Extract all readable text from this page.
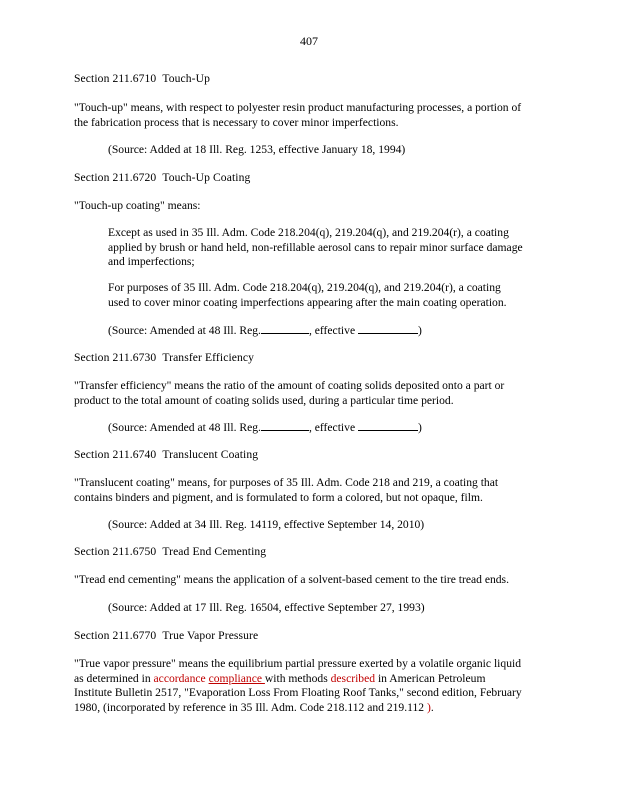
407
Section 211.6710 Touch-Up
"Touch-up" means, with respect to polyester resin product manufacturing processes, a portion of
the fabrication process that is necessary to cover minor imperfections.
(Source: Added at 18 Ill. Reg. 1253, effective January 18, 1994)
Section 211.6720 Touch-Up Coating
"Touch-up coating" means:
Except as used in 35 Ill. Adm. Code 218.204(q), 219.204(q), and 219.204(r), a coating
applied by brush or hand held, non-refillable aerosol cans to repair minor surface damage
and imperfections;
For purposes of 35 Ill. Adm. Code 218.204(q), 219.204(q), and 219.204(r), a coating
used to cover minor coating imperfections appearing after the main coating operation.
(Source: Amended at 48 Ill. Reg.	, effective	)
Section 211.6730 Transfer Efficiency
"Transfer efficiency" means the ratio of the amount of coating solids deposited onto a part or
product to the total amount of coating solids used, during a particular time period.
(Source: Amended at 48 Ill. Reg.	, effective	)
Section 211.6740 Translucent Coating
"Translucent coating" means, for purposes of 35 Ill. Adm. Code 218 and 219, a coating that
contains binders and pigment, and is formulated to form a colored, but not opaque, film.
(Source: Added at 34 Ill. Reg. 14119, effective September 14, 2010)
Section 211.6750 Tread End Cementing
"Tread end cementing" means the application of a solvent-based cement to the tire tread ends.
(Source: Added at 17 Ill. Reg. 16504, effective September 27, 1993)
Section 211.6770 True Vapor Pressure
"True vapor pressure" means the equilibrium partial pressure exerted by a volatile organic liquid
as determined in accordance compliance with methods described in American Petroleum
Institute Bulletin 2517, "Evaporation Loss From Floating Roof Tanks," second edition, February
1980, (incorporated by reference in 35 Ill. Adm. Code 218.112 and 219.112 ).
